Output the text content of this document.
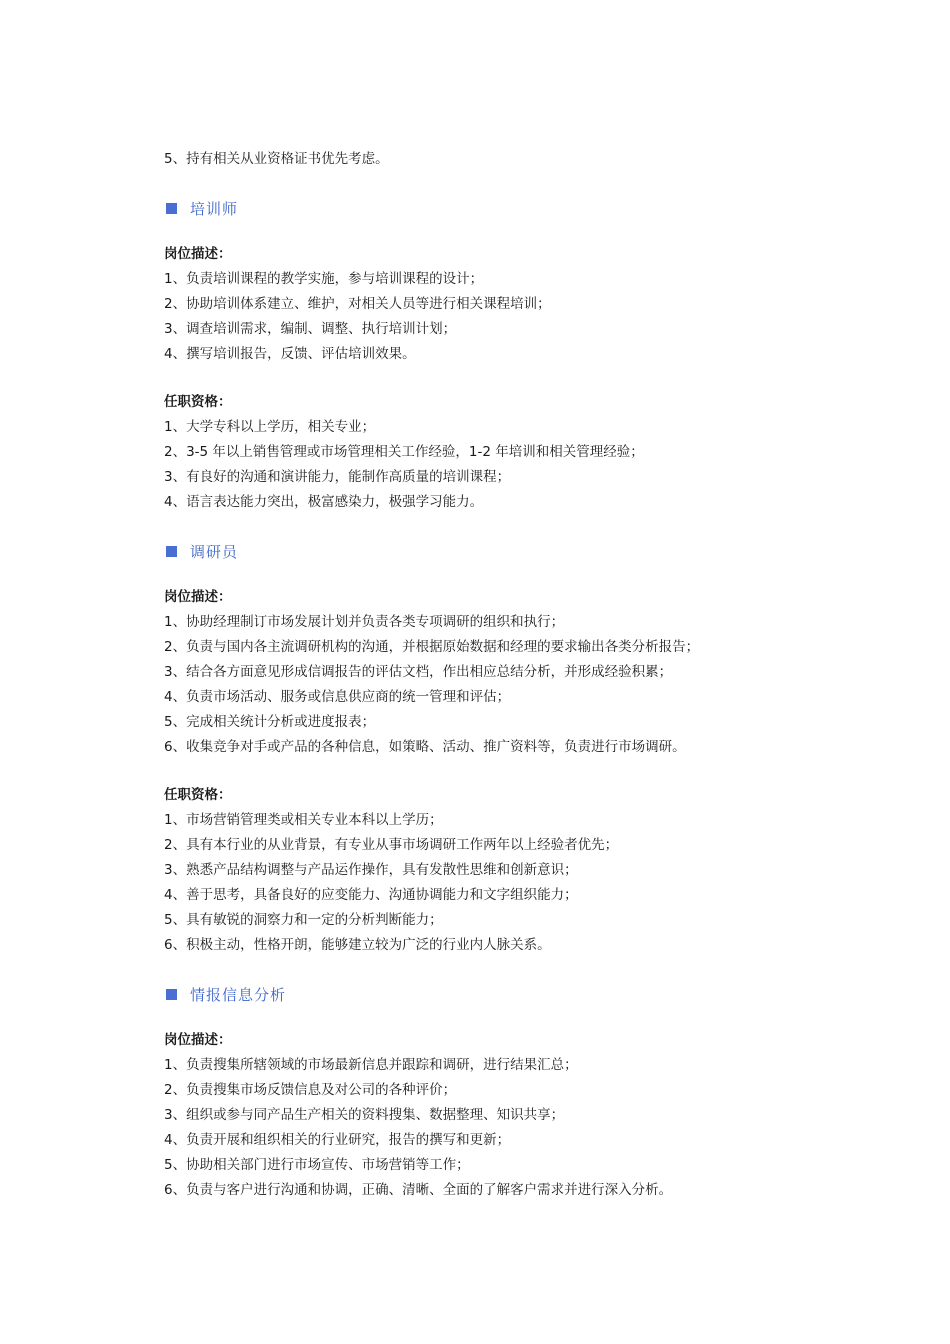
5、持有相关从业资格证书优先考虑。
培训师
岗位描述：
1、负责培训课程的教学实施，参与培训课程的设计；
2、协助培训体系建立、维护，对相关人员等进行相关课程培训；
3、调查培训需求，编制、调整、执行培训计划；
4、撰写培训报告，反馈、评估培训效果。
任职资格：
1、大学专科以上学历，相关专业；
2、3-5 年以上销售管理或市场管理相关工作经验，1-2 年培训和相关管理经验；
3、有良好的沟通和演讲能力，能制作高质量的培训课程；
4、语言表达能力突出，极富感染力，极强学习能力。
调研员
岗位描述：
1、协助经理制订市场发展计划并负责各类专项调研的组织和执行；
2、负责与国内各主流调研机构的沟通，并根据原始数据和经理的要求输出各类分析报告；
3、结合各方面意见形成信调报告的评估文档，作出相应总结分析，并形成经验积累；
4、负责市场活动、服务或信息供应商的统一管理和评估；
5、完成相关统计分析或进度报表；
6、收集竞争对手或产品的各种信息，如策略、活动、推广资料等，负责进行市场调研。
任职资格：
1、市场营销管理类或相关专业本科以上学历；
2、具有本行业的从业背景，有专业从事市场调研工作两年以上经验者优先；
3、熟悉产品结构调整与产品运作操作，具有发散性思维和创新意识；
4、善于思考，具备良好的应变能力、沟通协调能力和文字组织能力；
5、具有敏锐的洞察力和一定的分析判断能力；
6、积极主动，性格开朗，能够建立较为广泛的行业内人脉关系。
情报信息分析
岗位描述：
1、负责搜集所辖领域的市场最新信息并跟踪和调研，进行结果汇总；
2、负责搜集市场反馈信息及对公司的各种评价；
3、组织或参与同产品生产相关的资料搜集、数据整理、知识共享；
4、负责开展和组织相关的行业研究，报告的撰写和更新；
5、协助相关部门进行市场宣传、市场营销等工作；
6、负责与客户进行沟通和协调，正确、清晰、全面的了解客户需求并进行深入分析。
